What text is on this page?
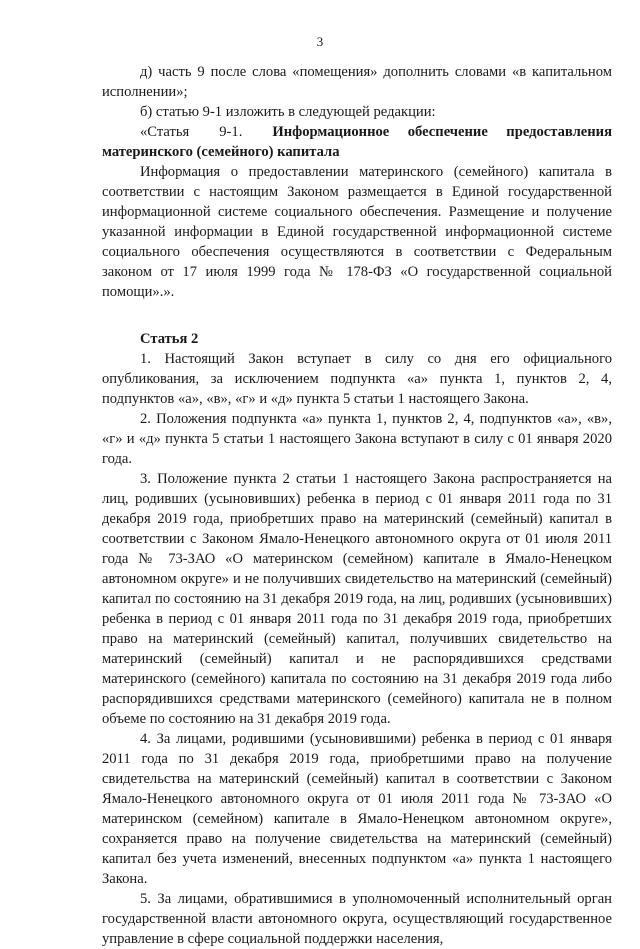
3

д) часть 9 после слова «помещения» дополнить словами «в капитальном исполнении»;

б) статью 9-1 изложить в следующей редакции:

«Статья 9-1. Информационное обеспечение предоставления материнского (семейного) капитала

Информация о предоставлении материнского (семейного) капитала в соответствии с настоящим Законом размещается в Единой государственной информационной системе социального обеспечения. Размещение и получение указанной информации в Единой государственной информационной системе социального обеспечения осуществляются в соответствии с Федеральным законом от 17 июля 1999 года № 178-ФЗ «О государственной социальной помощи».».

Статья 2

1. Настоящий Закон вступает в силу со дня его официального опубликования, за исключением подпункта «а» пункта 1, пунктов 2, 4, подпунктов «а», «в», «г» и «д» пункта 5 статьи 1 настоящего Закона.

2. Положения подпункта «а» пункта 1, пунктов 2, 4, подпунктов «а», «в», «г» и «д» пункта 5 статьи 1 настоящего Закона вступают в силу с 01 января 2020 года.

3. Положение пункта 2 статьи 1 настоящего Закона распространяется на лиц, родивших (усыновивших) ребенка в период с 01 января 2011 года по 31 декабря 2019 года, приобретших право на материнский (семейный) капитал в соответствии с Законом Ямало-Ненецкого автономного округа от 01 июля 2011 года № 73-ЗАО «О материнском (семейном) капитале в Ямало-Ненецком автономном округе» и не получивших свидетельство на материнский (семейный) капитал по состоянию на 31 декабря 2019 года, на лиц, родивших (усыновивших) ребенка в период с 01 января 2011 года по 31 декабря 2019 года, приобретших право на материнский (семейный) капитал, получивших свидетельство на материнский (семейный) капитал и не распорядившихся средствами материнского (семейного) капитала по состоянию на 31 декабря 2019 года либо распорядившихся средствами материнского (семейного) капитала не в полном объеме по состоянию на 31 декабря 2019 года.

4. За лицами, родившими (усыновившими) ребенка в период с 01 января 2011 года по 31 декабря 2019 года, приобретшими право на получение свидетельства на материнский (семейный) капитал в соответствии с Законом Ямало-Ненецкого автономного округа от 01 июля 2011 года № 73-ЗАО «О материнском (семейном) капитале в Ямало-Ненецком автономном округе», сохраняется право на получение свидетельства на материнский (семейный) капитал без учета изменений, внесенных подпунктом «а» пункта 1 настоящего Закона.

5. За лицами, обратившимися в уполномоченный исполнительный орган государственной власти автономного округа, осуществляющий государственное управление в сфере социальной поддержки населения,
